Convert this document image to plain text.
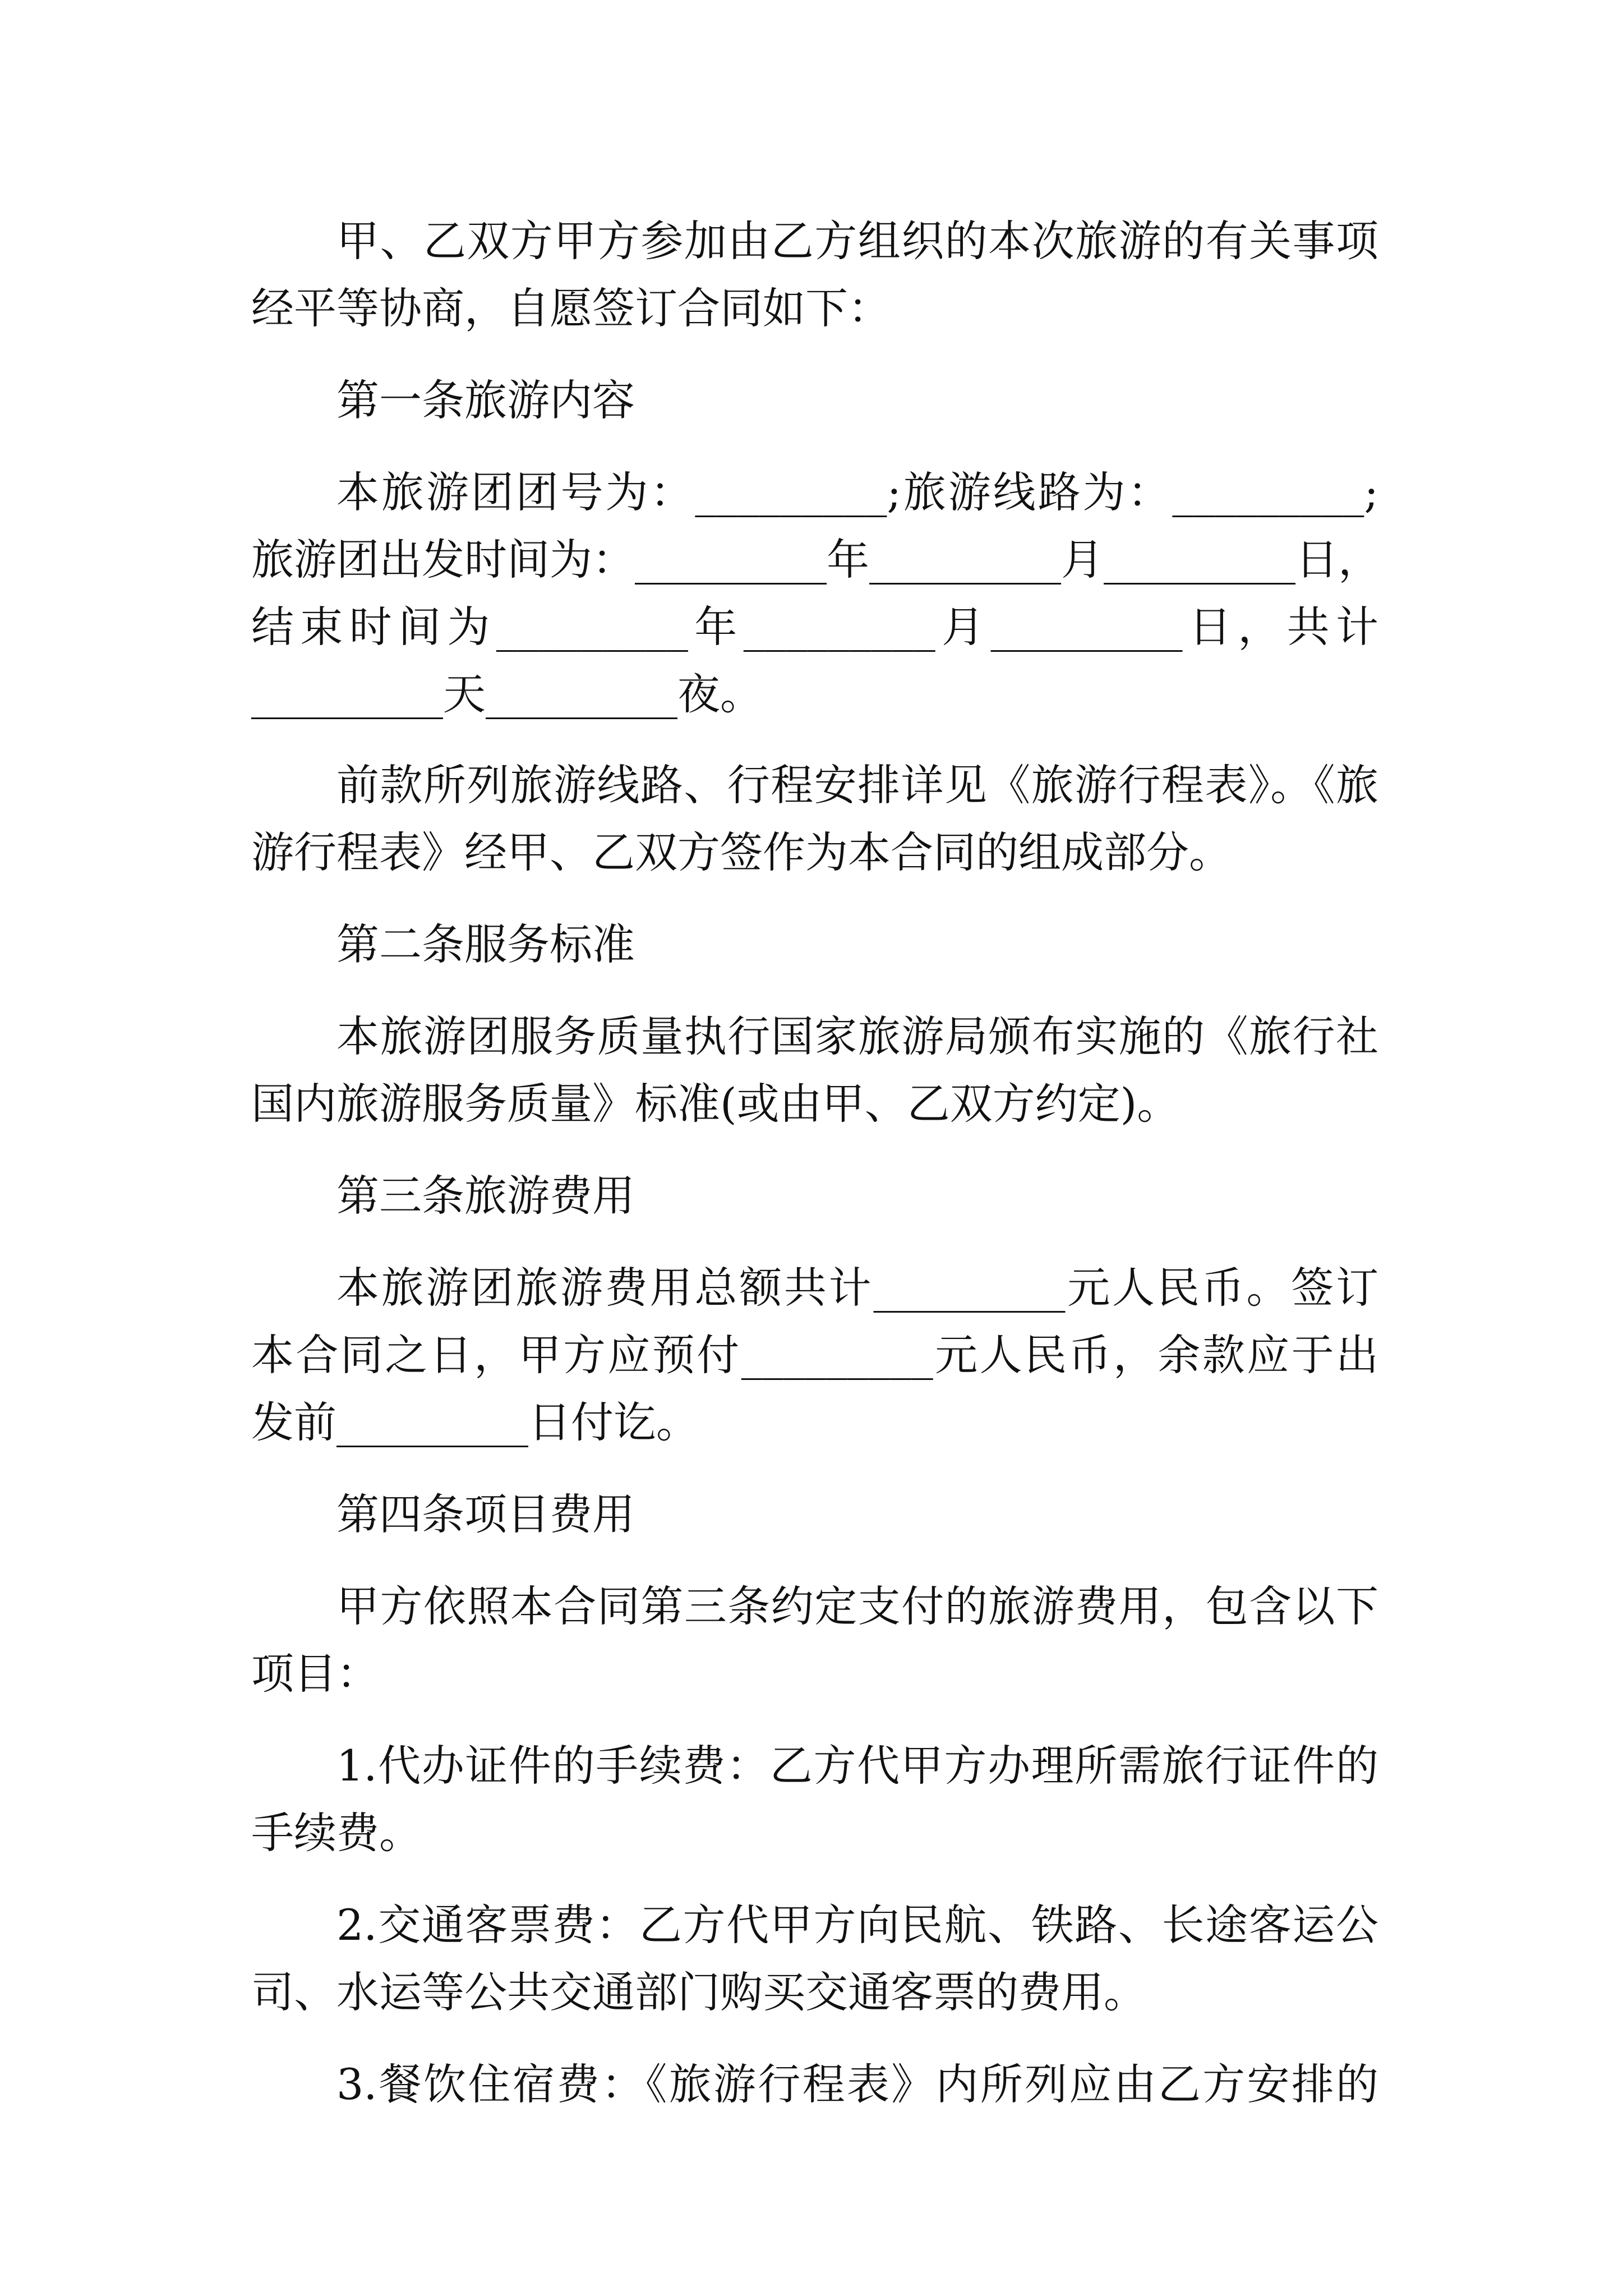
甲、乙双方甲方参加由乙方组织的本次旅游的有关事项
经平等协商，自愿签订合同如下：
第一条旅游内容
本旅游团团号为：_________;旅游线路为：_________;
旅游团出发时间为：_________年_________月_________日，
结束时间为_________年_________月_________日，共计
_________天_________夜。
前款所列旅游线路、行程安排详见《旅游行程表》。《旅
游行程表》经甲、乙双方签作为本合同的组成部分。
第二条服务标准
本旅游团服务质量执行国家旅游局颁布实施的《旅行社
国内旅游服务质量》标准(或由甲、乙双方约定)。
第三条旅游费用
本旅游团旅游费用总额共计_________元人民币。签订
本合同之日，甲方应预付_________元人民币，余款应于出
发前_________日付讫。
第四条项目费用
甲方依照本合同第三条约定支付的旅游费用，包含以下
项目：
1.代办证件的手续费：乙方代甲方办理所需旅行证件的
手续费。
2.交通客票费：乙方代甲方向民航、铁路、长途客运公
司、水运等公共交通部门购买交通客票的费用。
3.餐饮住宿费：《旅游行程表》内所列应由乙方安排的
